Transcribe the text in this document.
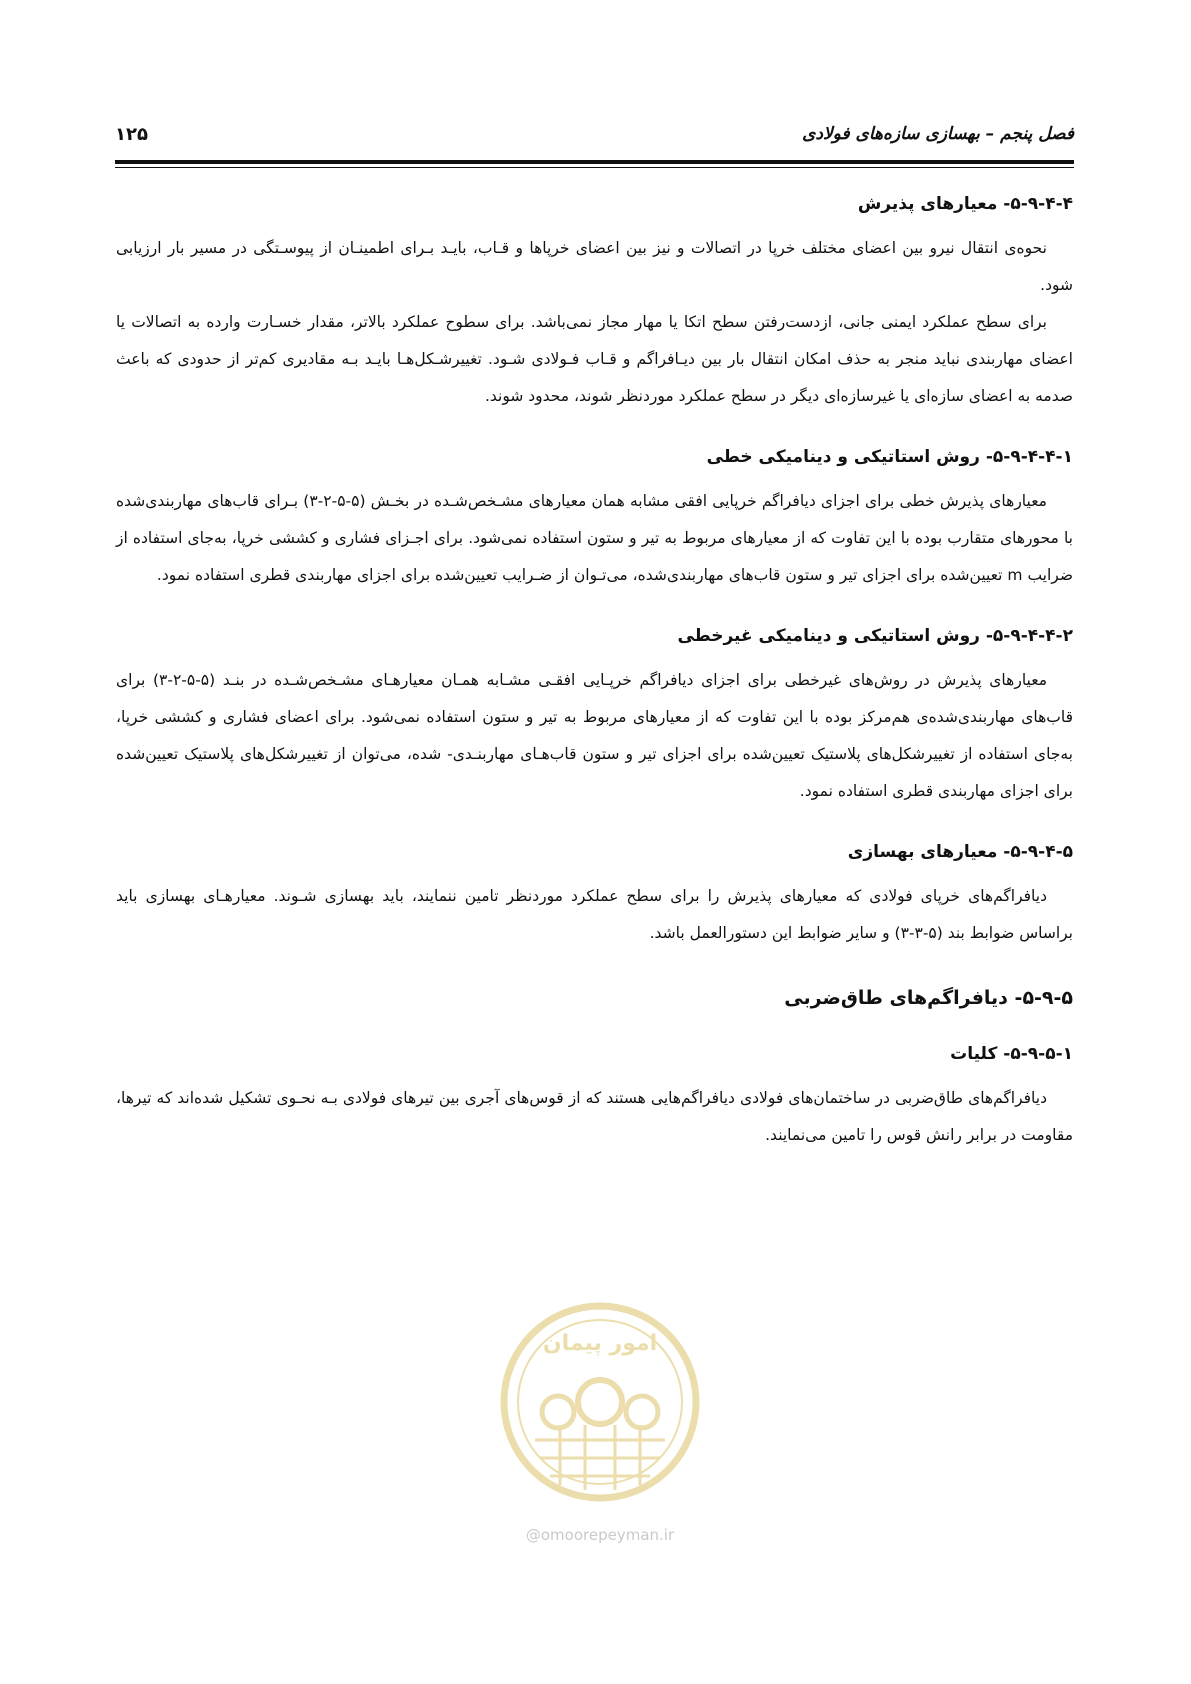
فصل پنجم – بهسازی سازه‌های فولادی
۱۲۵
۵-۹-۴-۴- معیارهای پذیرش

نحوه‌ی انتقال نیرو بین اعضای مختلف خرپا در اتصالات و نیز بین اعضای خرپاها و قـاب، بایـد بـرای اطمینـان از پیوسـتگی در مسیر بار ارزیابی شود.

برای سطح عملکرد ایمنی جانی، ازدست‌رفتن سطح اتکا یا مهار مجاز نمی‌باشد. برای سطوح عملکرد بالاتر، مقدار خسـارت وارده به اتصالات یا اعضای مهاربندی نباید منجر به حذف امکان انتقال بار بین دیـافراگم و قـاب فـولادی شـود. تغییرشـکل‌هـا بایـد بـه مقادیری کم‌تر از حدودی که باعث صدمه به اعضای سازه‌ای یا غیرسازه‌ای دیگر در سطح عملکرد موردنظر شوند، محدود شوند.

۵-۹-۴-۴-۱- روش استاتیکی و دینامیکی خطی

معیارهای پذیرش خطی برای اجزای دیافراگم خرپایی افقی مشابه همان معیارهای مشـخص‌شـده در بخـش (۵-۵-۲-۳) بـرای قاب‌های مهاربندی‌شده با محورهای متقارب بوده با این تفاوت که از معیارهای مربوط به تیر و ستون استفاده نمی‌شود. برای اجـزای فشاری و کششی خرپا، به‌جای استفاده از ضرایب m تعیین‌شده برای اجزای تیر و ستون قاب‌های مهاربندی‌شده، می‌تـوان از ضـرایب تعیین‌شده برای اجزای مهاربندی قطری استفاده نمود.

۵-۹-۴-۴-۲- روش استاتیکی و دینامیکی غیرخطی

معیارهای پذیرش در روش‌های غیرخطی برای اجزای دیافراگم خرپـایی افقـی مشـابه همـان معیارهـای مشـخص‌شـده در بنـد (۵-۵-۲-۳) برای قاب‌های مهاربندی‌شده‌ی هم‌مرکز بوده با این تفاوت که از معیارهای مربوط به تیر و ستون استفاده نمی‌شود. برای اعضای فشاری و کششی خرپا، به‌جای استفاده از تغییرشکل‌های پلاستیک تعیین‌شده برای اجزای تیر و ستون قاب‌هـای مهاربنـدی- شده، می‌توان از تغییرشکل‌های پلاستیک تعیین‌شده برای اجزای مهاربندی قطری استفاده نمود.

۵-۹-۴-۵- معیارهای بهسازی

دیافراگم‌های خرپای فولادی که معیارهای پذیرش را برای سطح عملکرد موردنظر تامین ننمایند، باید بهسازی شـوند. معیارهـای بهسازی باید براساس ضوابط بند (۵-۳-۳) و سایر ضوابط این دستورالعمل باشد.

۵-۹-۵- دیافراگم‌های طاق‌ضربی
۵-۹-۵-۱- کلیات

دیافراگم‌های طاق‌ضربی در ساختمان‌های فولادی دیافراگم‌هایی هستند که از قوس‌های آجری بین تیرهای فولادی بـه نحـوی تشکیل شده‌اند که تیرها، مقاومت در برابر رانش قوس را تامین می‌نمایند.

امور پیمان
@omoorepeyman.ir
